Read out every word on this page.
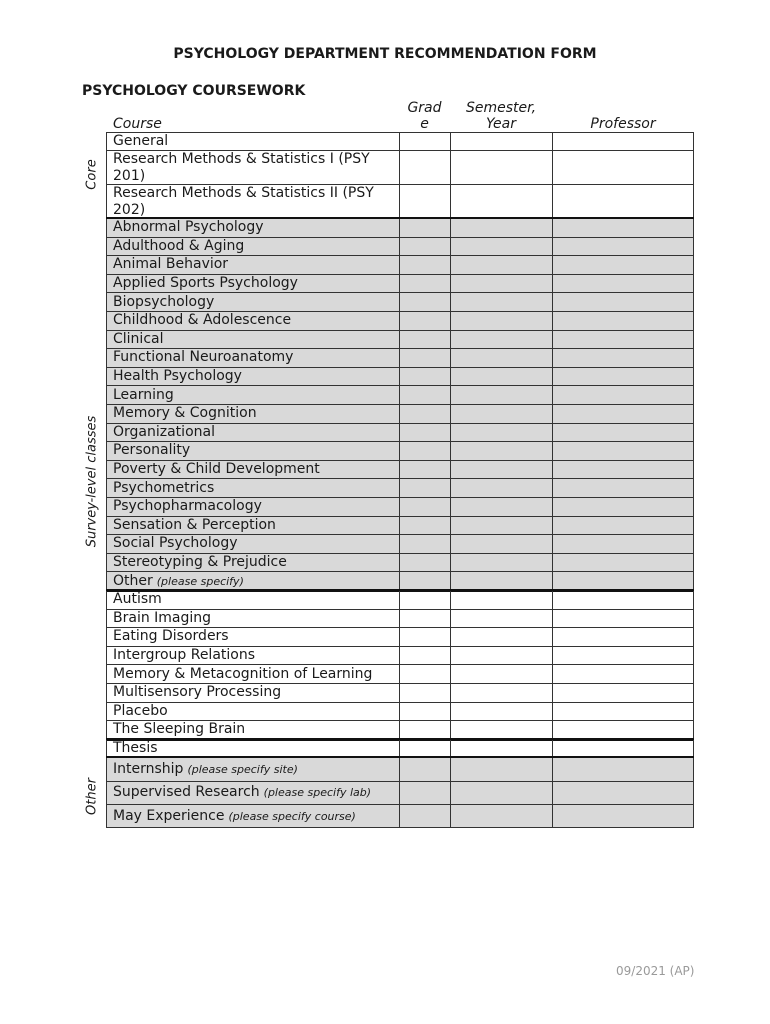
PSYCHOLOGY DEPARTMENT RECOMMENDATION FORM
PSYCHOLOGY COURSEWORK
Course
Grad
e
Semester,
Year	Professor
Core
Survey-level classes
Other
General
Research Methods & Statistics I (PSY 201)
Research Methods & Statistics II (PSY 202)
Abnormal Psychology
Adulthood & Aging
Animal Behavior
Applied Sports Psychology
Biopsychology
Childhood & Adolescence
Clinical
Functional Neuroanatomy
Health Psychology
Learning
Memory & Cognition
Organizational
Personality
Poverty & Child Development
Psychometrics
Psychopharmacology
Sensation & Perception
Social Psychology
Stereotyping & Prejudice
Other (please specify)
Autism
Brain Imaging
Eating Disorders
Intergroup Relations
Memory & Metacognition of Learning
Multisensory Processing
Placebo
The Sleeping Brain
Thesis
Internship (please specify site)
Supervised Research (please specify lab)
May Experience (please specify course)
09/2021 (AP)
